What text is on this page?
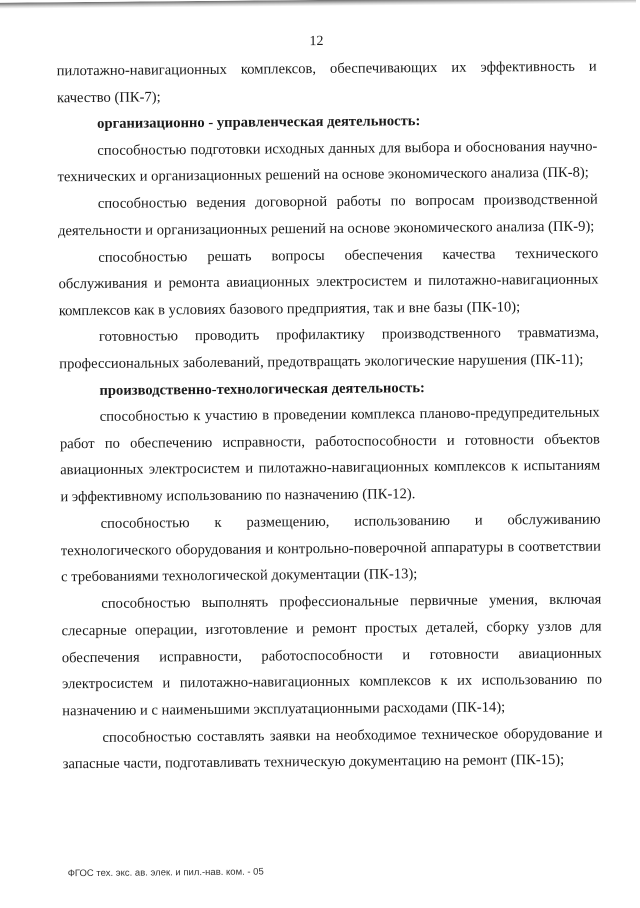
12

пилотажно-навигационных комплексов, обеспечивающих их эффективность и качество (ПК-7);

организационно - управленческая деятельность:

способностью подготовки исходных данных для выбора и обоснования научно-технических и организационных решений на основе экономического анализа (ПК-8);

способностью ведения договорной работы по вопросам производственной деятельности и организационных решений на основе экономического анализа (ПК-9);

способностью решать вопросы обеспечения качества технического обслуживания и ремонта авиационных электросистем и пилотажно-навигационных комплексов как в условиях базового предприятия, так и вне базы (ПК-10);

готовностью проводить профилактику производственного травматизма, профессиональных заболеваний, предотвращать экологические нарушения (ПК-11);

производственно-технологическая деятельность:

способностью к участию в проведении комплекса планово-предупредительных работ по обеспечению исправности, работоспособности и готовности объектов авиационных электросистем и пилотажно-навигационных комплексов к испытаниям и эффективному использованию по назначению (ПК-12).

способностью к размещению, использованию и обслуживанию технологического оборудования и контрольно-поверочной аппаратуры в соответствии с требованиями технологической документации (ПК-13);

способностью выполнять профессиональные первичные умения, включая слесарные операции, изготовление и ремонт простых деталей, сборку узлов для обеспечения исправности, работоспособности и готовности авиационных электросистем и пилотажно-навигационных комплексов к их использованию по назначению и с наименьшими эксплуатационными расходами (ПК-14);

способностью составлять заявки на необходимое техническое оборудование и запасные части, подготавливать техническую документацию на ремонт (ПК-15);

ФГОС тех. экс. ав. элек. и пил.-нав. ком. - 05
